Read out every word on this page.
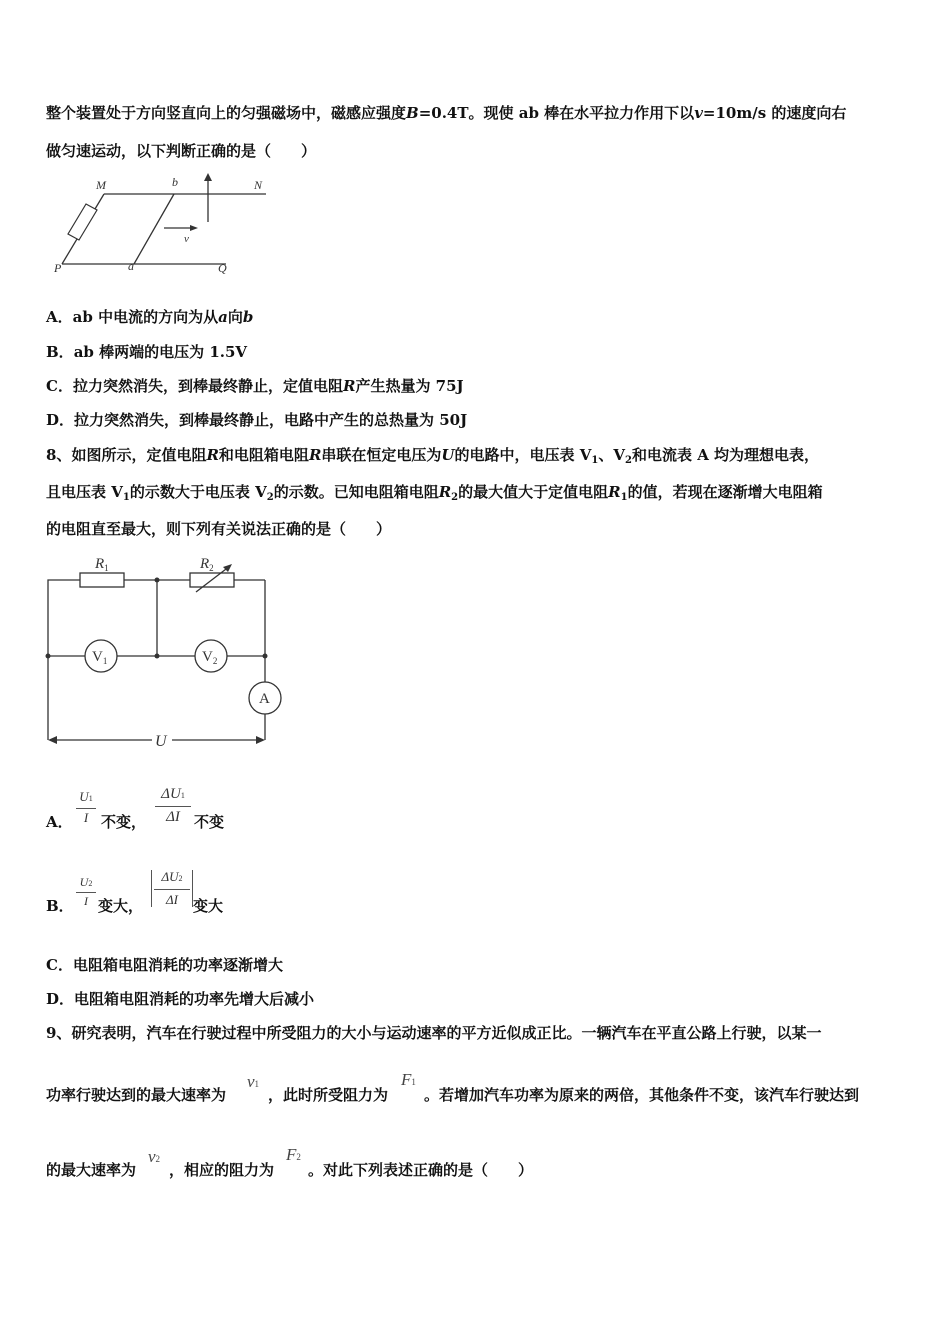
整个装置处于方向竖直向上的匀强磁场中，磁感应强度B=0.4T。现使 ab 棒在水平拉力作用下以v=10m/s 的速度向右
做匀速运动，以下判断正确的是（　　）
M	b	N
P	a	Q
v
A．ab 中电流的方向为从a向b
B．ab 棒两端的电压为 1.5V
C．拉力突然消失，到棒最终静止，定值电阻R产生热量为 75J
D．拉力突然消失，到棒最终静止，电路中产生的总热量为 50J
8、如图所示，定值电阻R和电阻箱电阻R串联在恒定电压为U的电路中，电压表 $V_1$、$V_2$和电流表 A 均为理想电表，
且电压表 $V_1$的示数大于电压表 $V_2$的示数。已知电阻箱电阻$R_2$的最大值大于定值电阻$R_1$的值，若现在逐渐增大电阻箱
的电阻直至最大，则下列有关说法正确的是（　　）
$R_1$	$R_2$
$V_1$	$V_2$
A
U
A．
U1
I 不变，
ΔU1
ΔI 不变
B．
U2
I 变大，
ΔU2
ΔI	变大
C．电阻箱电阻消耗的功率逐渐增大
D．电阻箱电阻消耗的功率先增大后减小
9、研究表明，汽车在行驶过程中所受阻力的大小与运动速率的平方近似成正比。一辆汽车在平直公路上行驶，以某一
功率行驶达到的最大速率为
v1
，此时所受阻力为
F1
。若增加汽车功率为原来的两倍，其他条件不变，该汽车行驶达到
的最大速率为
v2
，相应的阻力为
F2
。对此下列表述正确的是（　　）
